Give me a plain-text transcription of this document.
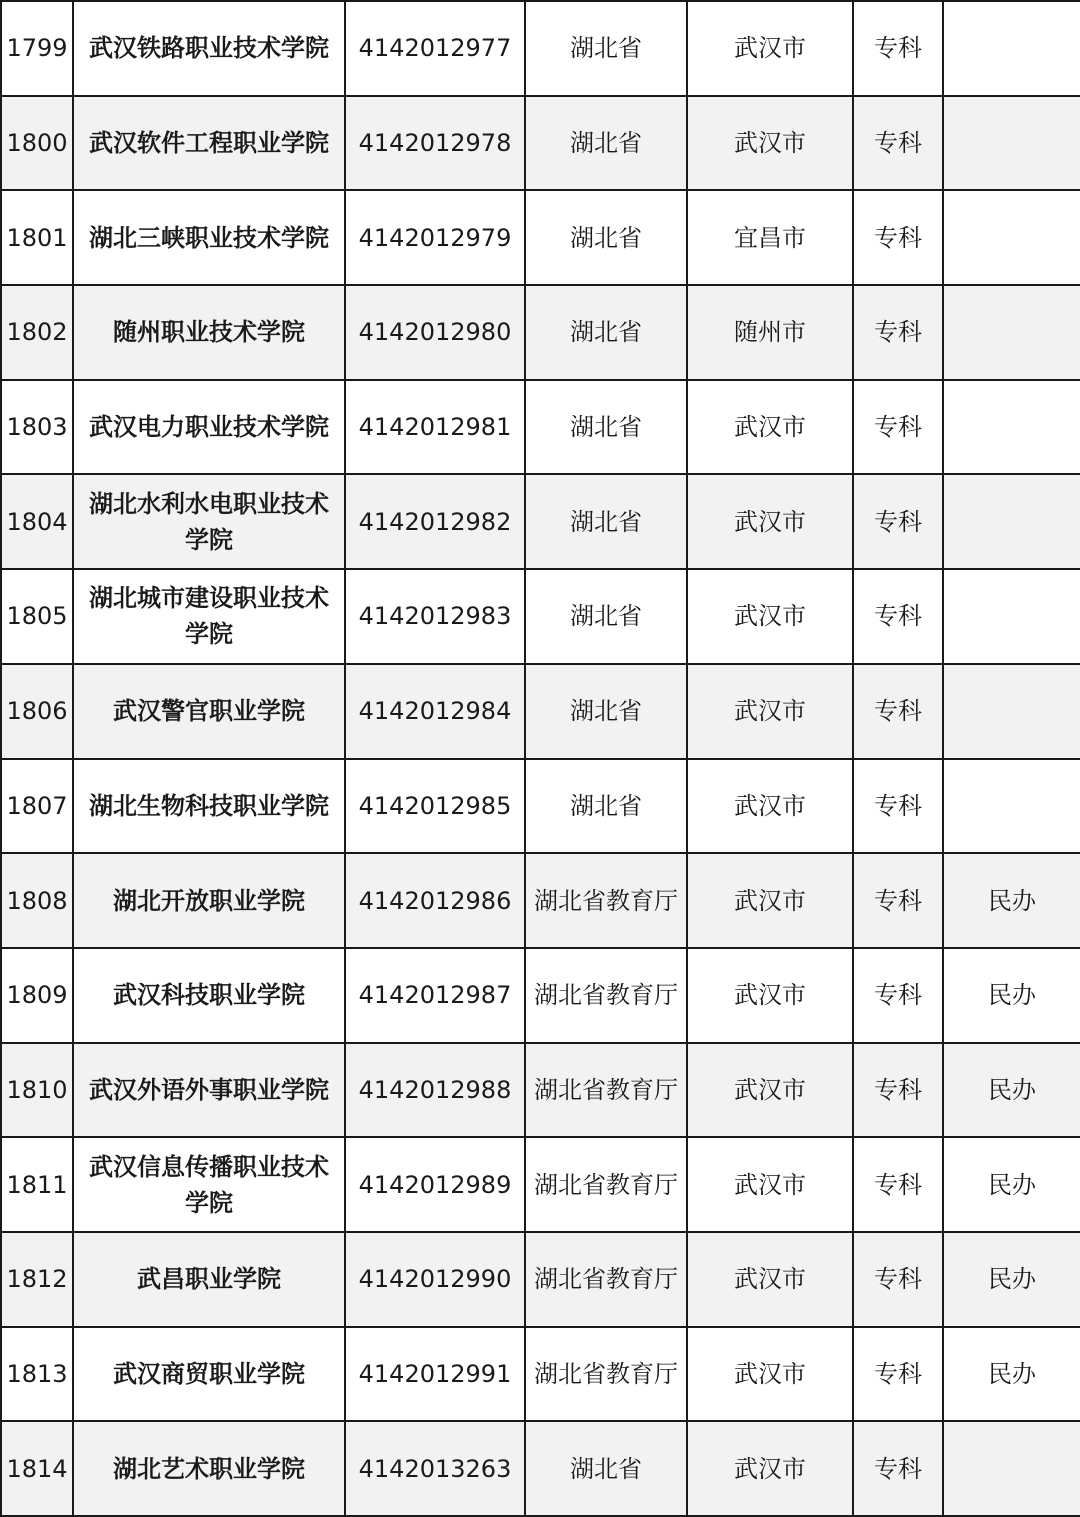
1799	武汉铁路职业技术学院	4142012977	湖北省	武汉市	专科	
1800	武汉软件工程职业学院	4142012978	湖北省	武汉市	专科	
1801	湖北三峡职业技术学院	4142012979	湖北省	宜昌市	专科	
1802	随州职业技术学院	4142012980	湖北省	随州市	专科	
1803	武汉电力职业技术学院	4142012981	湖北省	武汉市	专科	
1804	湖北水利水电职业技术学院	4142012982	湖北省	武汉市	专科	
1805	湖北城市建设职业技术学院	4142012983	湖北省	武汉市	专科	
1806	武汉警官职业学院	4142012984	湖北省	武汉市	专科	
1807	湖北生物科技职业学院	4142012985	湖北省	武汉市	专科	
1808	湖北开放职业学院	4142012986	湖北省教育厅	武汉市	专科	民办
1809	武汉科技职业学院	4142012987	湖北省教育厅	武汉市	专科	民办
1810	武汉外语外事职业学院	4142012988	湖北省教育厅	武汉市	专科	民办
1811	武汉信息传播职业技术学院	4142012989	湖北省教育厅	武汉市	专科	民办
1812	武昌职业学院	4142012990	湖北省教育厅	武汉市	专科	民办
1813	武汉商贸职业学院	4142012991	湖北省教育厅	武汉市	专科	民办
1814	湖北艺术职业学院	4142013263	湖北省	武汉市	专科	
